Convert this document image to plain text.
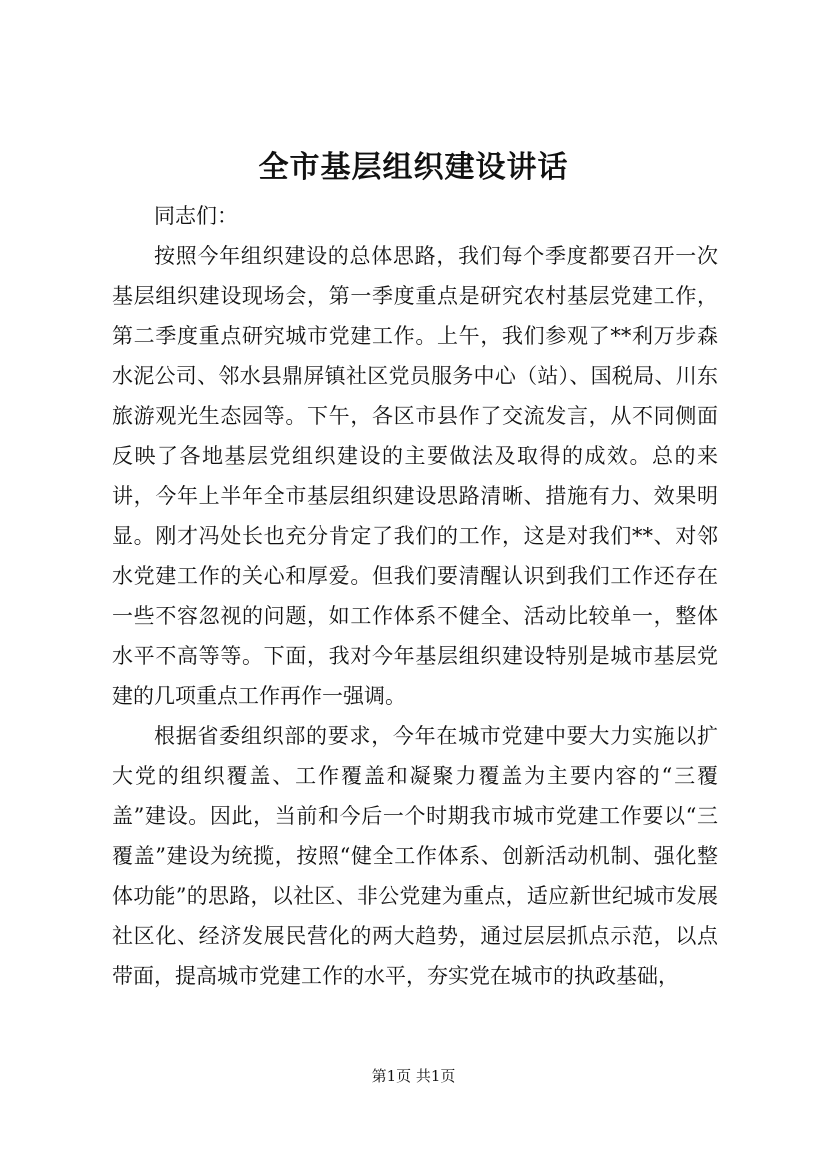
全市基层组织建设讲话

同志们：

按照今年组织建设的总体思路，我们每个季度都要召开一次基层组织建设现场会，第一季度重点是研究农村基层党建工作，第二季度重点研究城市党建工作。上午，我们参观了**利万步森水泥公司、邻水县鼎屏镇社区党员服务中心（站）、国税局、川东旅游观光生态园等。下午，各区市县作了交流发言，从不同侧面反映了各地基层党组织建设的主要做法及取得的成效。总的来讲，今年上半年全市基层组织建设思路清晰、措施有力、效果明显。刚才冯处长也充分肯定了我们的工作，这是对我们**、对邻水党建工作的关心和厚爱。但我们要清醒认识到我们工作还存在一些不容忽视的问题，如工作体系不健全、活动比较单一，整体水平不高等等。下面，我对今年基层组织建设特别是城市基层党建的几项重点工作再作一强调。

根据省委组织部的要求，今年在城市党建中要大力实施以扩大党的组织覆盖、工作覆盖和凝聚力覆盖为主要内容的“三覆盖”建设。因此，当前和今后一个时期我市城市党建工作要以“三覆盖”建设为统揽，按照“健全工作体系、创新活动机制、强化整体功能”的思路，以社区、非公党建为重点，适应新世纪城市发展社区化、经济发展民营化的两大趋势，通过层层抓点示范，以点带面，提高城市党建工作的水平，夯实党在城市的执政基础，

第1页 共1页
